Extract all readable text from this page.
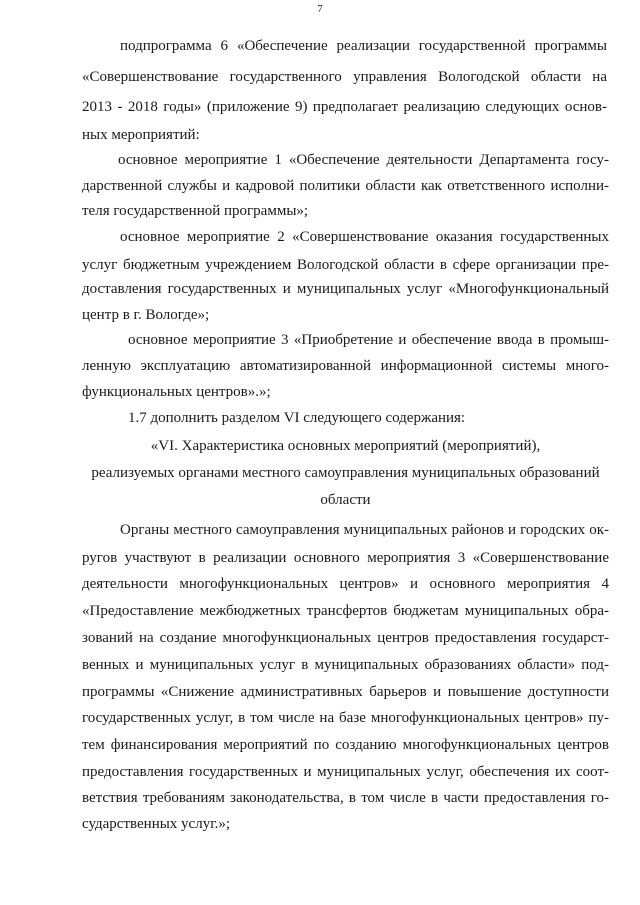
7
подпрограмма 6 «Обеспечение реализации государственной программы
«Совершенствование государственного управления Вологодской области на
2013 - 2018 годы» (приложение 9) предполагает реализацию следующих основ-
ных мероприятий:
основное мероприятие 1 «Обеспечение деятельности Департамента госу-
дарственной службы и кадровой политики области как ответственного исполни-
теля государственной программы»;
основное мероприятие 2 «Совершенствование оказания государственных
услуг бюджетным учреждением Вологодской области в сфере организации пре-
доставления государственных и муниципальных услуг «Многофункциональный
центр в г. Вологде»;
основное мероприятие 3 «Приобретение и обеспечение ввода в промыш-
ленную эксплуатацию автоматизированной информационной системы много-
функциональных центров».»;
1.7 дополнить разделом VI следующего содержания:
«VI. Характеристика основных мероприятий (мероприятий),
реализуемых органами местного самоуправления муниципальных образований
области
Органы местного самоуправления муниципальных районов и городских ок-
ругов участвуют в реализации основного мероприятия 3 «Совершенствование
деятельности многофункциональных центров» и основного мероприятия 4
«Предоставление межбюджетных трансфертов бюджетам муниципальных обра-
зований на создание многофункциональных центров предоставления государст-
венных и муниципальных услуг в муниципальных образованиях области» под-
программы «Снижение административных барьеров и повышение доступности
государственных услуг, в том числе на базе многофункциональных центров» пу-
тем финансирования мероприятий по созданию многофункциональных центров
предоставления государственных и муниципальных услуг, обеспечения их соот-
ветствия требованиям законодательства, в том числе в части предоставления го-
сударственных услуг.»;
